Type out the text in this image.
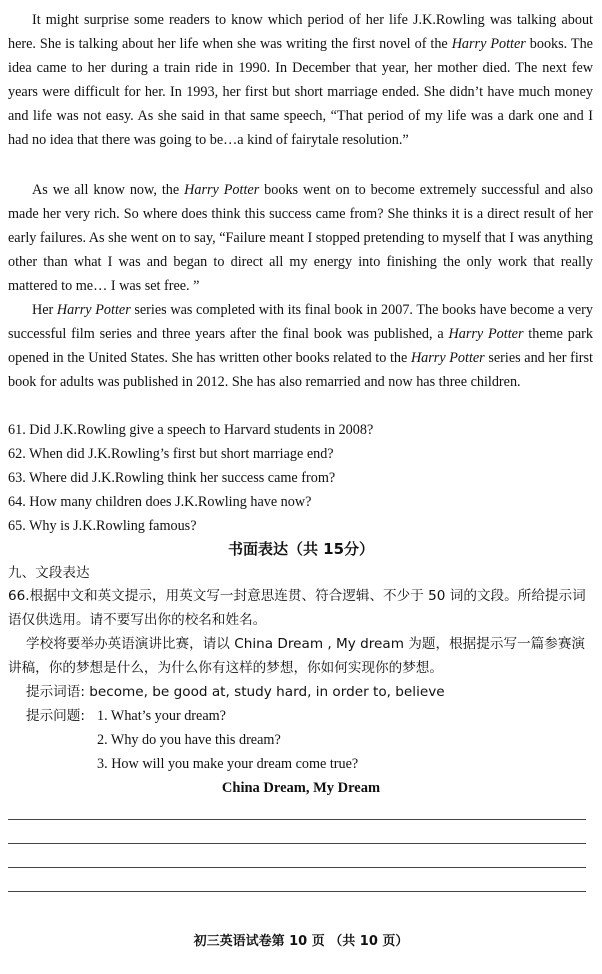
It might surprise some readers to know which period of her life J.K.Rowling was talking about here. She is talking about her life when she was writing the first novel of the Harry Potter books. The idea came to her during a train ride in 1990. In December that year, her mother died. The next few years were difficult for her. In 1993, her first but short marriage ended. She didn’t have much money and life was not easy. As she said in that same speech, “That period of my life was a dark one and I had no idea that there was going to be…a kind of fairytale resolution.”

As we all know now, the Harry Potter books went on to become extremely successful and also made her very rich. So where does think this success came from? She thinks it is a direct result of her early failures. As she went on to say, “Failure meant I stopped pretending to myself that I was anything other than what I was and began to direct all my energy into finishing the only work that really mattered to me… I was set free. ”

Her Harry Potter series was completed with its final book in 2007. The books have become a very successful film series and three years after the final book was published, a Harry Potter theme park opened in the United States. She has written other books related to the Harry Potter series and her first book for adults was published in 2012. She has also remarried and now has three children.

61. Did J.K.Rowling give a speech to Harvard students in 2008?

62. When did J.K.Rowling’s first but short marriage end?

63. Where did J.K.Rowling think her success came from?

64. How many children does J.K.Rowling have now?

65. Why is J.K.Rowling famous?

书面表达（共 15分）

九、文段表达

66.根据中文和英文提示，用英文写一封意思连贯、符合逻辑、不少于 50 词的文段。所给提示词语仅供选用。请不要写出你的校名和姓名。

学校将要举办英语演讲比赛，请以 China Dream , My dream 为题，根据提示写一篇参赛演讲稿，你的梦想是什么，为什么你有这样的梦想，你如何实现你的梦想。

提示词语: become, be good at, study hard, in order to, believe

提示问题: 1. What’s your dream?

2. Why do you have this dream?

3. How will you make your dream come true?

China Dream, My Dream

初三英语试卷第 10 页 （共 10 页）
